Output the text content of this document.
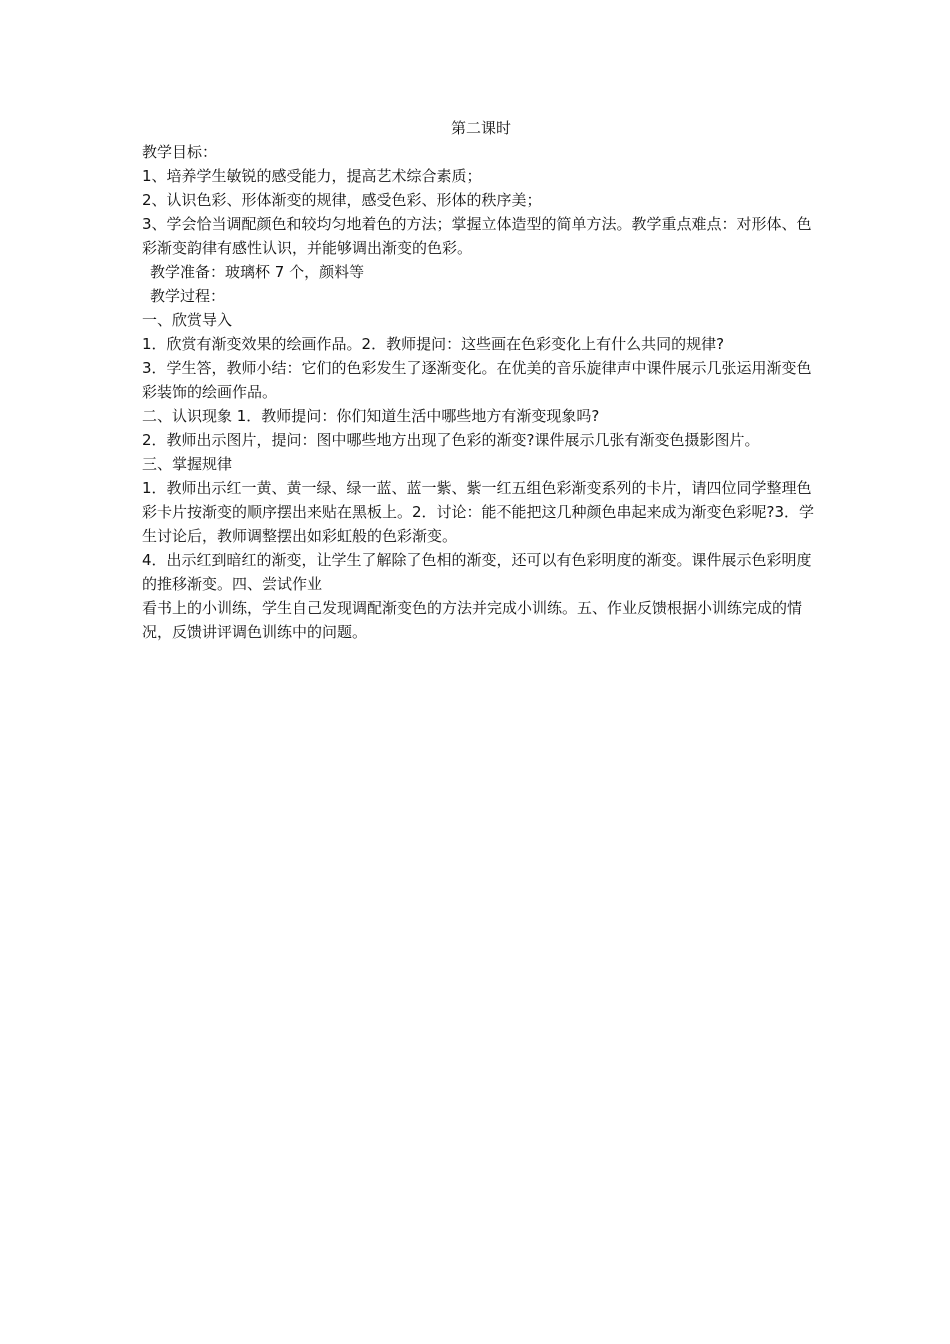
第二课时

教学目标：

1、培养学生敏锐的感受能力，提高艺术综合素质；

2、认识色彩、形体渐变的规律，感受色彩、形体的秩序美；

3、学会恰当调配颜色和较均匀地着色的方法；掌握立体造型的简单方法。教学重点难点：对形体、色彩渐变韵律有感性认识，并能够调出渐变的色彩。

教学准备：玻璃杯 7 个，颜料等

教学过程：

一、欣赏导入

1．欣赏有渐变效果的绘画作品。2．教师提问：这些画在色彩变化上有什么共同的规律?

3．学生答，教师小结：它们的色彩发生了逐渐变化。在优美的音乐旋律声中课件展示几张运用渐变色彩装饰的绘画作品。

二、认识现象 1．教师提问：你们知道生活中哪些地方有渐变现象吗?

2．教师出示图片，提问：图中哪些地方出现了色彩的渐变?课件展示几张有渐变色摄影图片。

三、掌握规律

1．教师出示红一黄、黄一绿、绿一蓝、蓝一紫、紫一红五组色彩渐变系列的卡片，请四位同学整理色彩卡片按渐变的顺序摆出来贴在黑板上。2．讨论：能不能把这几种颜色串起来成为渐变色彩呢?3．学生讨论后，教师调整摆出如彩虹般的色彩渐变。

4．出示红到暗红的渐变，让学生了解除了色相的渐变，还可以有色彩明度的渐变。课件展示色彩明度的推移渐变。四、尝试作业

看书上的小训练，学生自己发现调配渐变色的方法并完成小训练。五、作业反馈根据小训练完成的情况，反馈讲评调色训练中的问题。
